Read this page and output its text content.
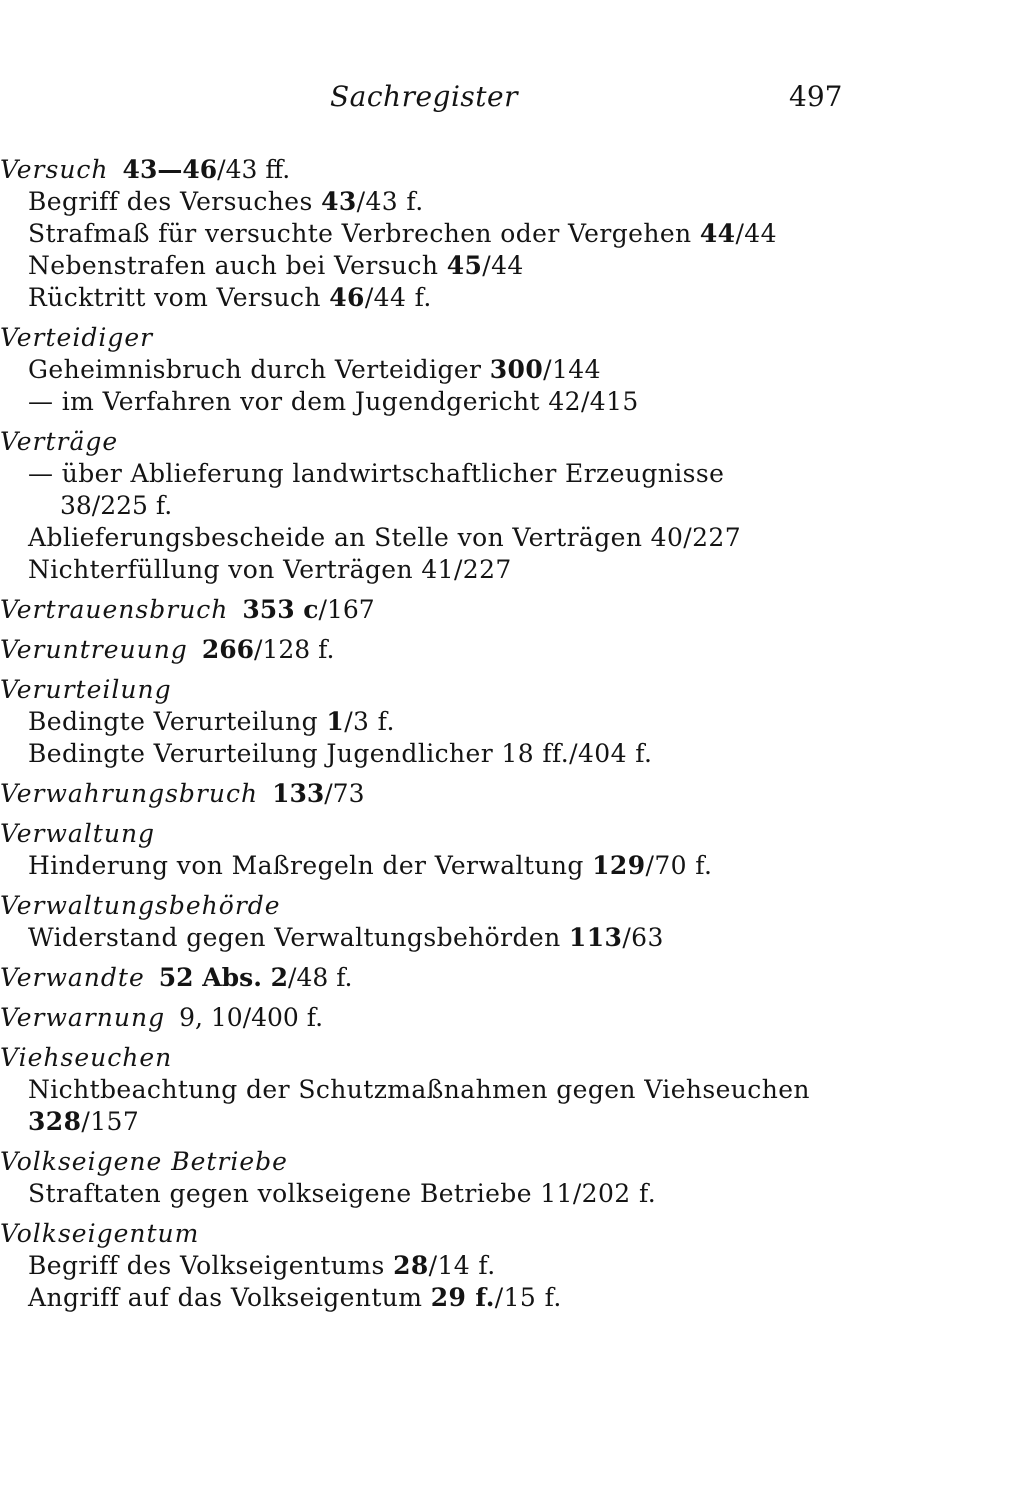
Sachregister	497
Versuch 43—46/43 ff.
Begriff des Versuches 43/43 f.
Strafmaß für versuchte Verbrechen oder Vergehen 44/44
Nebenstrafen auch bei Versuch 45/44
Rücktritt vom Versuch 46/44 f.
Verteidiger
Geheimnisbruch durch Verteidiger 300/144
— im Verfahren vor dem Jugendgericht 42/415
Verträge
— über Ablieferung landwirtschaftlicher Erzeugnisse
38/225 f.
Ablieferungsbescheide an Stelle von Verträgen 40/227
Nichterfüllung von Verträgen 41/227
Vertrauensbruch 353 c/167
Veruntreuung 266/128 f.
Verurteilung
Bedingte Verurteilung 1/3 f.
Bedingte Verurteilung Jugendlicher 18 ff./404 f.
Verwahrungsbruch 133/73
Verwaltung
Hinderung von Maßregeln der Verwaltung 129/70 f.
Verwaltungsbehörde
Widerstand gegen Verwaltungsbehörden 113/63
Verwandte 52 Abs. 2/48 f.
Verwarnung 9, 10/400 f.
Viehseuchen
Nichtbeachtung der Schutzmaßnahmen gegen Viehseuchen
328/157
Volkseigene Betriebe
Straftaten gegen volkseigene Betriebe 11/202 f.
Volkseigentum
Begriff des Volkseigentums 28/14 f.
Angriff auf das Volkseigentum 29 f./15 f.
